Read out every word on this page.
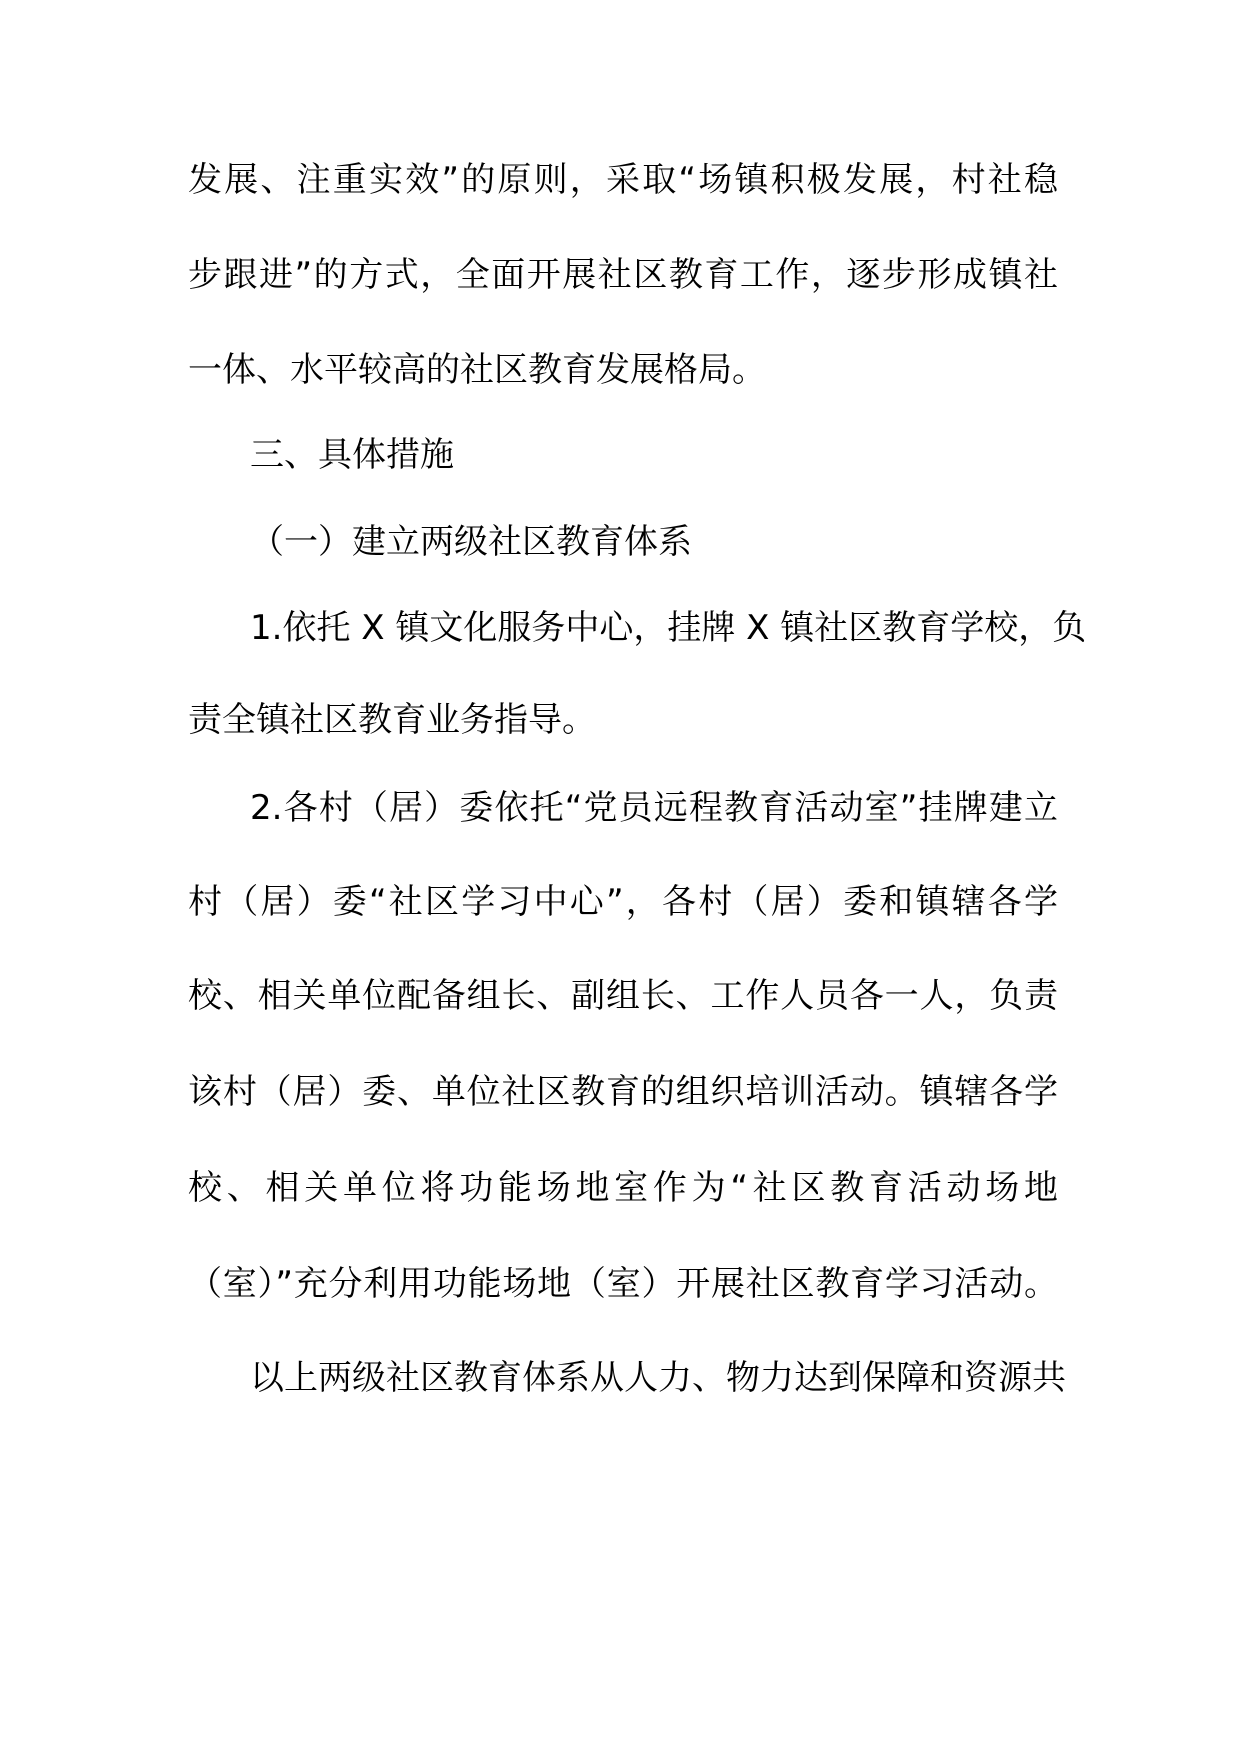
发展、注重实效”的原则，采取“场镇积极发展，村社稳
步跟进”的方式，全面开展社区教育工作，逐步形成镇社
一体、水平较高的社区教育发展格局。
三、具体措施
（一）建立两级社区教育体系
1.依托 X 镇文化服务中心，挂牌 X 镇社区教育学校，负
责全镇社区教育业务指导。
2.各村（居）委依托“党员远程教育活动室”挂牌建立
村（居）委“社区学习中心”，各村（居）委和镇辖各学
校、相关单位配备组长、副组长、工作人员各一人，负责
该村（居）委、单位社区教育的组织培训活动。镇辖各学
校、相关单位将功能场地室作为“社区教育活动场地
（室）”充分利用功能场地（室）开展社区教育学习活动。
以上两级社区教育体系从人力、物力达到保障和资源共
